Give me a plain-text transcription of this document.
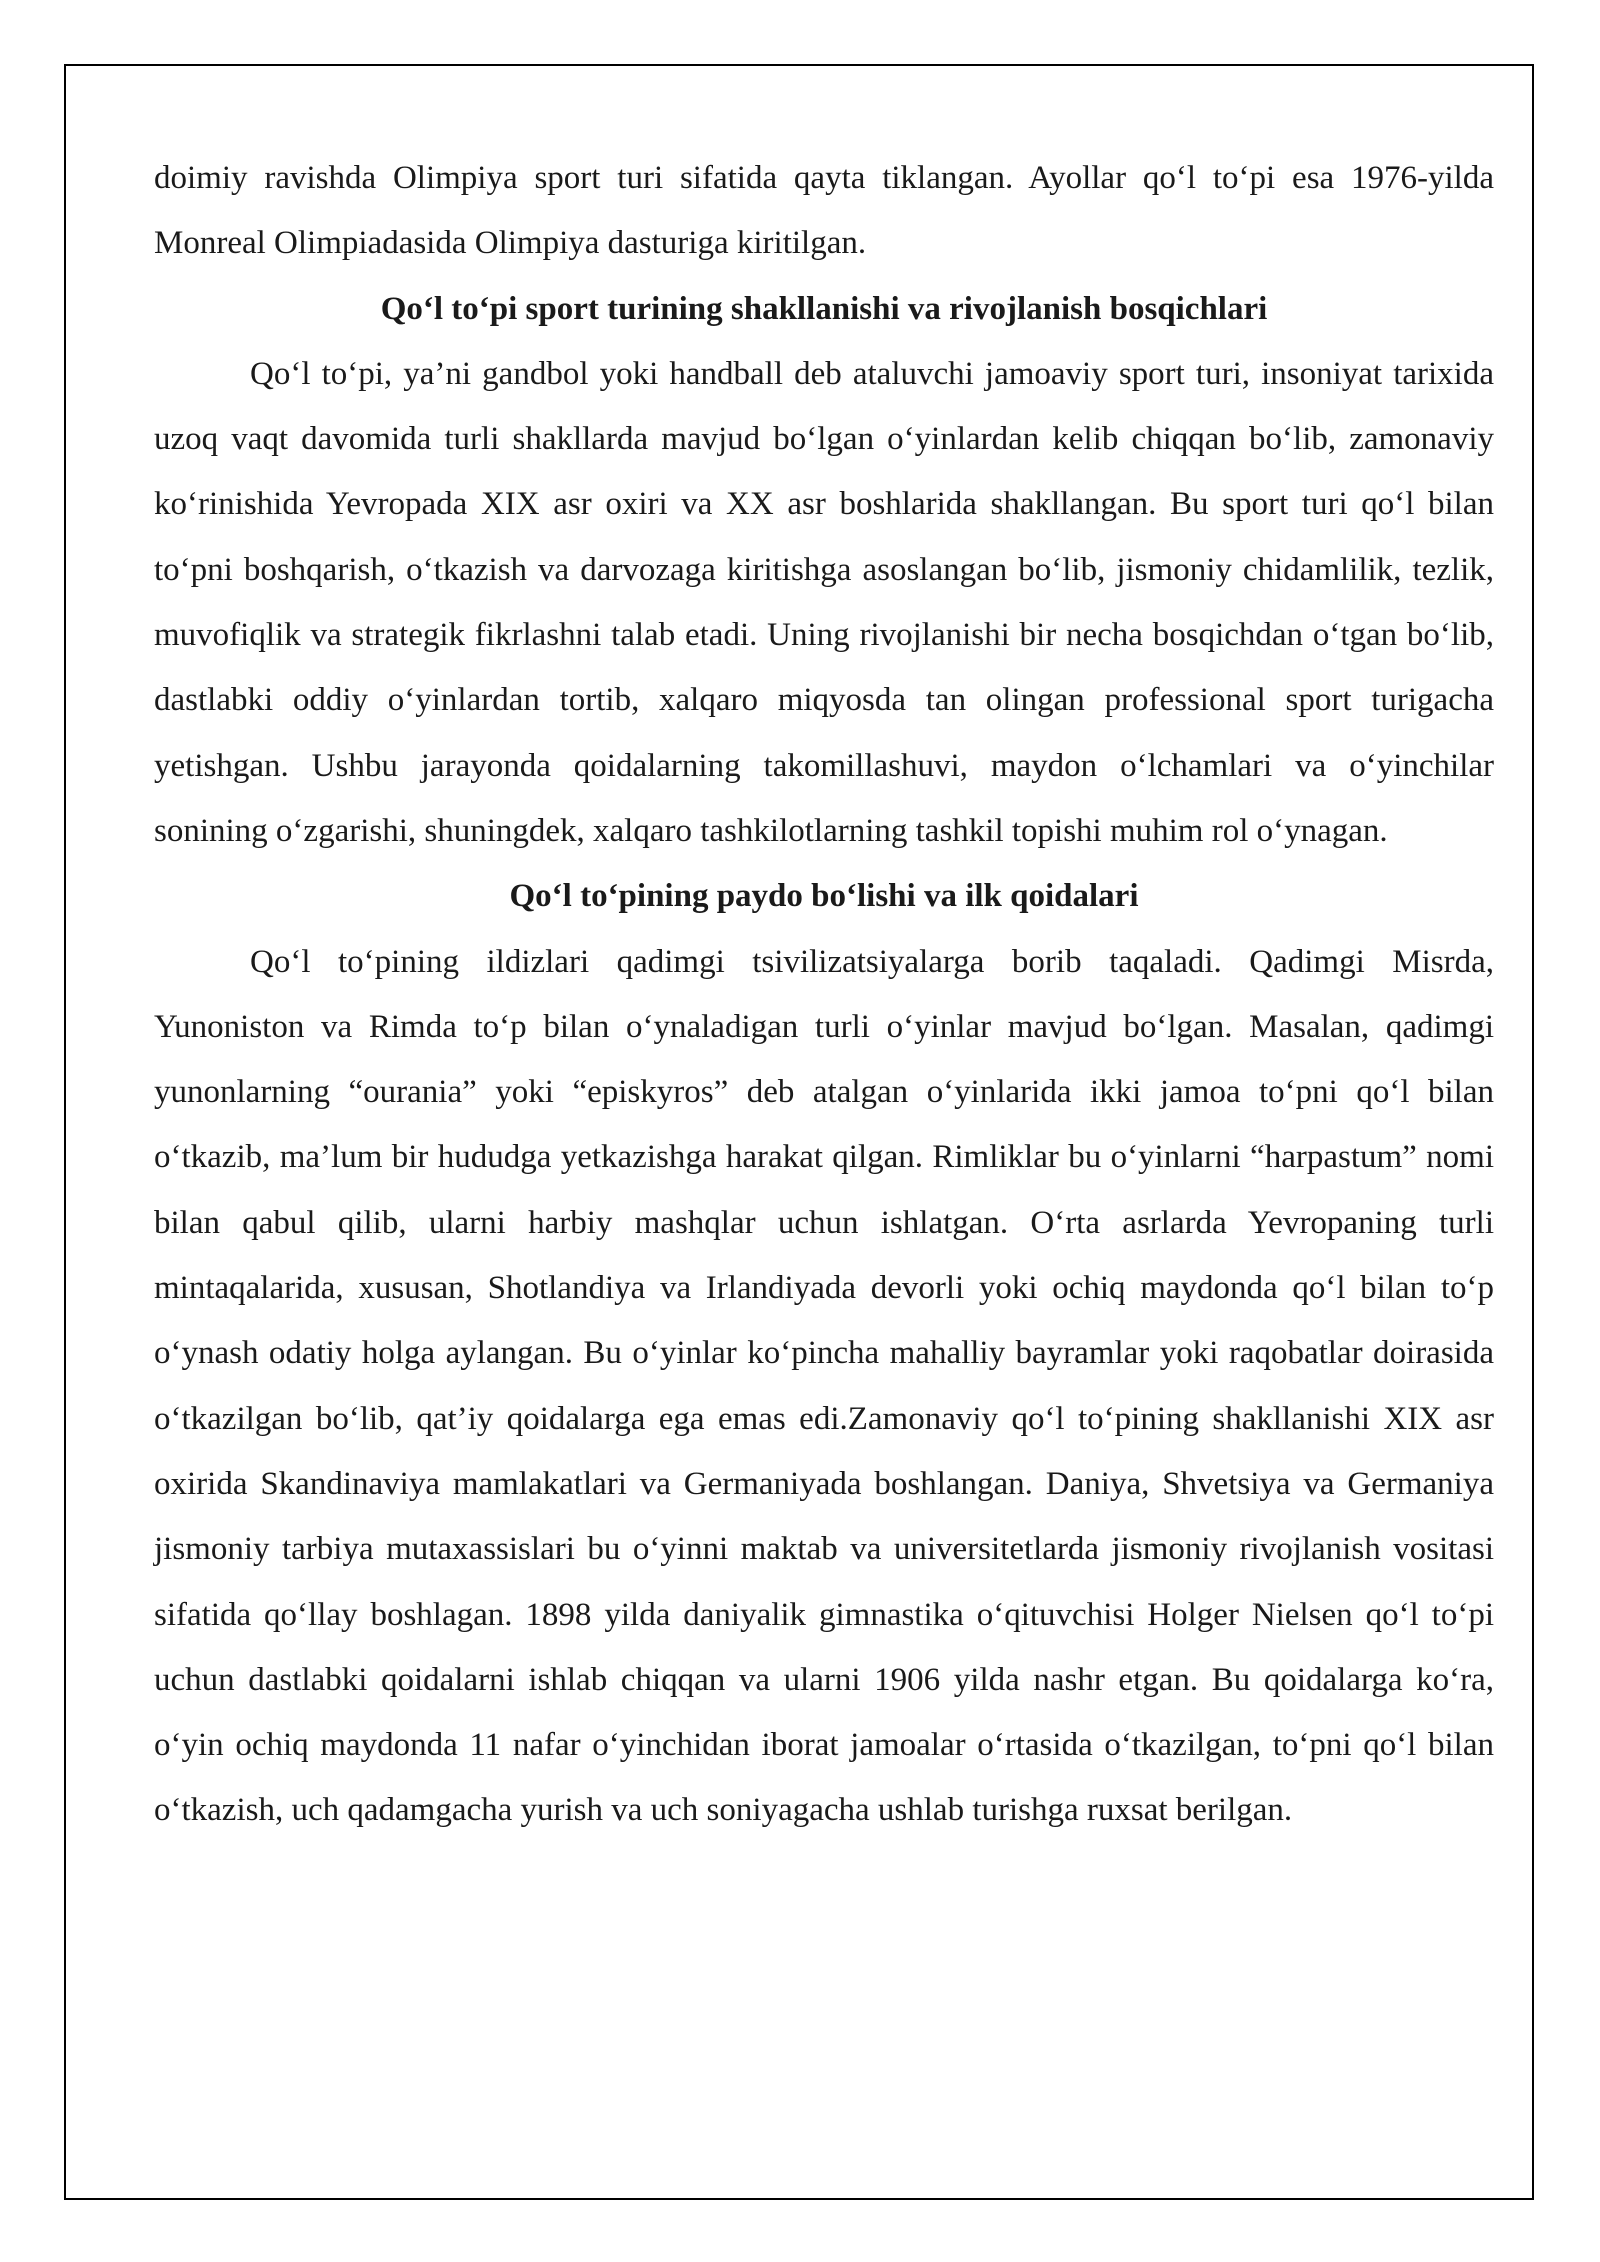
doimiy ravishda Olimpiya sport turi sifatida qayta tiklangan. Ayollar qo‘l to‘pi esa 1976-yilda Monreal Olimpiadasida Olimpiya dasturiga kiritilgan.

Qo‘l to‘pi sport turining shakllanishi va rivojlanish bosqichlari

Qo‘l to‘pi, ya’ni gandbol yoki handball deb ataluvchi jamoaviy sport turi, insoniyat tarixida uzoq vaqt davomida turli shakllarda mavjud bo‘lgan o‘yinlardan kelib chiqqan bo‘lib, zamonaviy ko‘rinishida Yevropada XIX asr oxiri va XX asr boshlarida shakllangan. Bu sport turi qo‘l bilan to‘pni boshqarish, o‘tkazish va darvozaga kiritishga asoslangan bo‘lib, jismoniy chidamlilik, tezlik, muvofiqlik va strategik fikrlashni talab etadi. Uning rivojlanishi bir necha bosqichdan o‘tgan bo‘lib, dastlabki oddiy o‘yinlardan tortib, xalqaro miqyosda tan olingan professional sport turigacha yetishgan. Ushbu jarayonda qoidalarning takomillashuvi, maydon o‘lchamlari va o‘yinchilar sonining o‘zgarishi, shuningdek, xalqaro tashkilotlarning tashkil topishi muhim rol o‘ynagan.

Qo‘l to‘pining paydo bo‘lishi va ilk qoidalari

Qo‘l to‘pining ildizlari qadimgi tsivilizatsiyalarga borib taqaladi. Qadimgi Misrda, Yunoniston va Rimda to‘p bilan o‘ynaladigan turli o‘yinlar mavjud bo‘lgan. Masalan, qadimgi yunonlarning “ourania” yoki “episkyros” deb atalgan o‘yinlarida ikki jamoa to‘pni qo‘l bilan o‘tkazib, ma’lum bir hududga yetkazishga harakat qilgan. Rimliklar bu o‘yinlarni “harpastum” nomi bilan qabul qilib, ularni harbiy mashqlar uchun ishlatgan. O‘rta asrlarda Yevropaning turli mintaqalarida, xususan, Shotlandiya va Irlandiyada devorli yoki ochiq maydonda qo‘l bilan to‘p o‘ynash odatiy holga aylangan. Bu o‘yinlar ko‘pincha mahalliy bayramlar yoki raqobatlar doirasida o‘tkazilgan bo‘lib, qat’iy qoidalarga ega emas edi.Zamonaviy qo‘l to‘pining shakllanishi XIX asr oxirida Skandinaviya mamlakatlari va Germaniyada boshlangan. Daniya, Shvetsiya va Germaniya jismoniy tarbiya mutaxassislari bu o‘yinni maktab va universitetlarda jismoniy rivojlanish vositasi sifatida qo‘llay boshlagan. 1898 yilda daniyalik gimnastika o‘qituvchisi Holger Nielsen qo‘l to‘pi uchun dastlabki qoidalarni ishlab chiqqan va ularni 1906 yilda nashr etgan. Bu qoidalarga ko‘ra, o‘yin ochiq maydonda 11 nafar o‘yinchidan iborat jamoalar o‘rtasida o‘tkazilgan, to‘pni qo‘l bilan o‘tkazish, uch qadamgacha yurish va uch soniyagacha ushlab turishga ruxsat berilgan.
